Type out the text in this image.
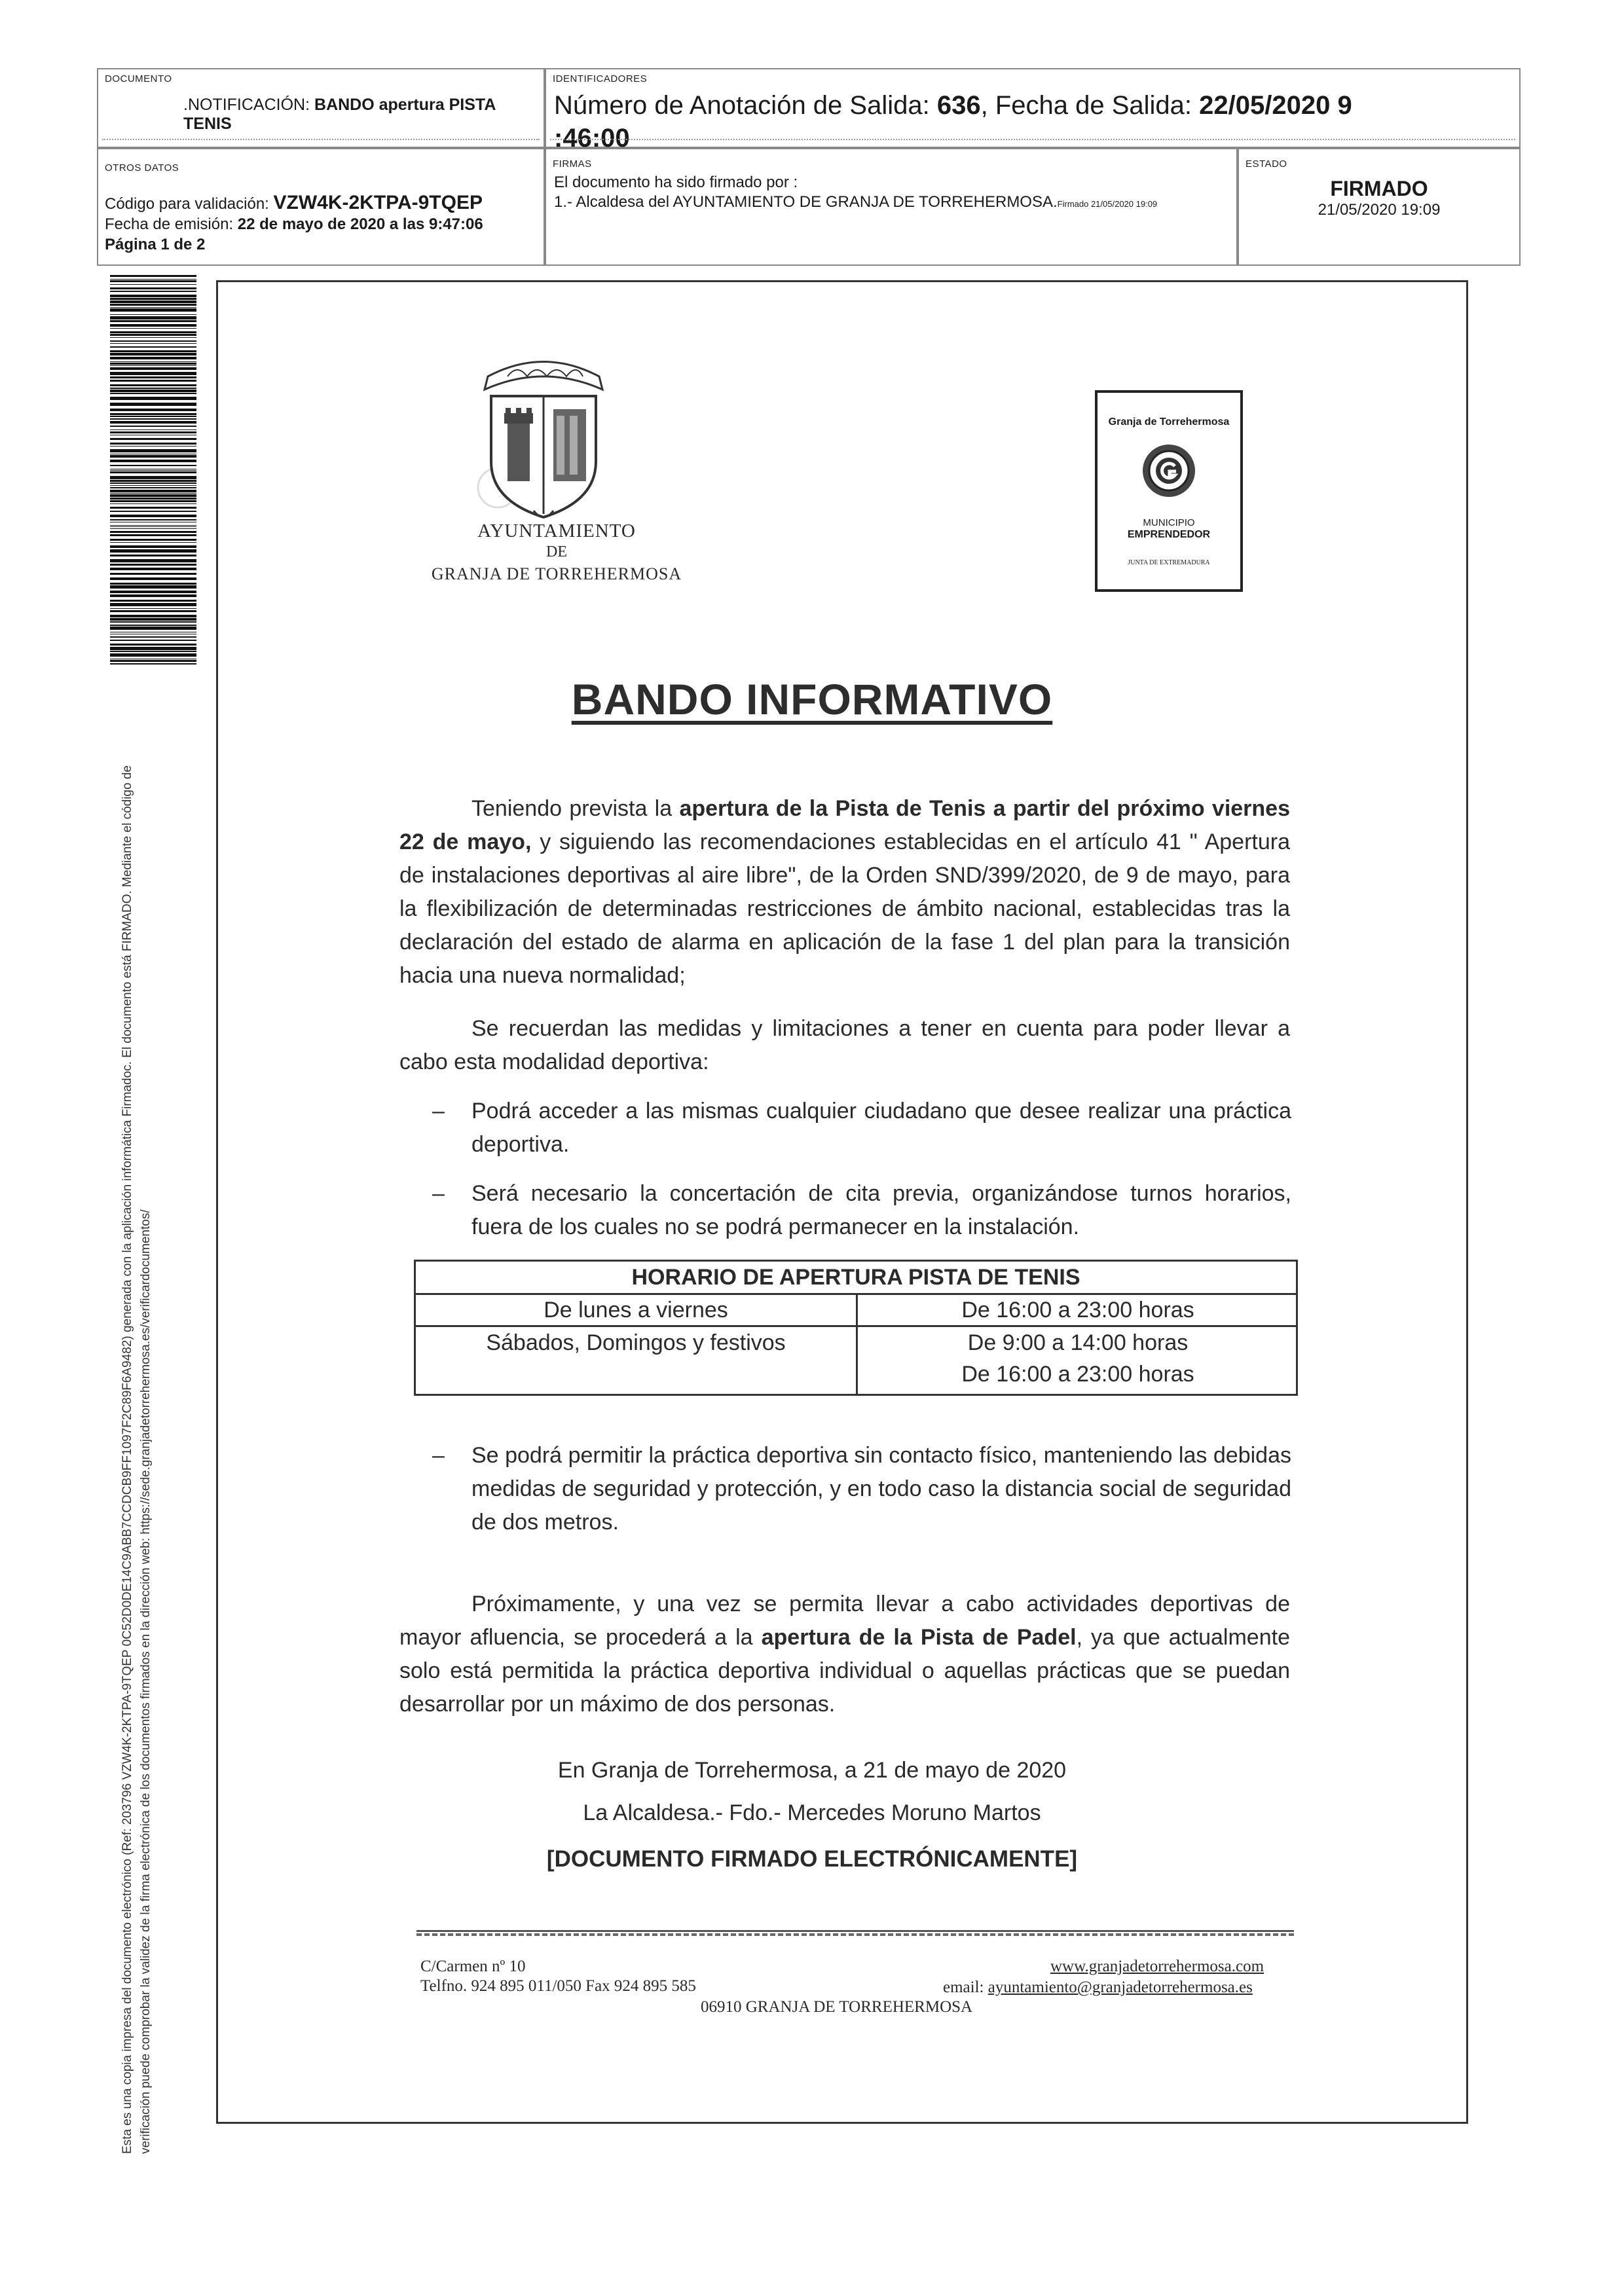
DOCUMENTO
.NOTIFICACIÓN: BANDO apertura PISTA TENIS
IDENTIFICADORES
Número de Anotación de Salida: 636, Fecha de Salida: 22/05/2020 9
:46:00
OTROS DATOS
Código para validación: VZW4K-2KTPA-9TQEP
Fecha de emisión: 22 de mayo de 2020 a las 9:47:06
Página 1 de 2
FIRMAS
El documento ha sido firmado por :
1.- Alcaldesa del AYUNTAMIENTO DE GRANJA DE TORREHERMOSA.Firmado 21/05/2020 19:09
ESTADO
FIRMADO
21/05/2020 19:09
Esta es una copia impresa del documento electrónico (Ref: 203796 VZW4K-2KTPA-9TQEP 0C52D0DE14C9ABB7CCDCB9FF1097F2C89F6A9482) generada con la aplicación informática Firmadoc. El documento está FIRMADO. Mediante el código de verificación puede comprobar la validez de la firma electrónica de los documentos firmados en la dirección web: https://sede.granjadetorrehermosa.es/verificardocumentos/
AYUNTAMIENTO
DE
GRANJA DE TORREHERMOSA
Granja de Torrehermosa
MUNICIPIO
EMPRENDEDOR
JUNTA DE EXTREMADURA
BANDO INFORMATIVO
Teniendo prevista la apertura de la Pista de Tenis a partir del próximo viernes 22 de mayo, y siguiendo las recomendaciones establecidas en el artículo 41 " Apertura de instalaciones deportivas al aire libre", de la Orden SND/399/2020, de 9 de mayo, para la flexibilización de determinadas restricciones de ámbito nacional, establecidas tras la declaración del estado de alarma en aplicación de la fase 1 del plan para la transición hacia una nueva normalidad;
Se recuerdan las medidas y limitaciones a tener en cuenta para poder llevar a cabo esta modalidad deportiva:
– Podrá acceder a las mismas cualquier ciudadano que desee realizar una práctica deportiva.
– Será necesario la concertación de cita previa, organizándose turnos horarios, fuera de los cuales no se podrá permanecer en la instalación.
HORARIO DE APERTURA PISTA DE TENIS
De lunes a viernes	De 16:00 a 23:00 horas
Sábados, Domingos y festivos	De 9:00 a 14:00 horas
De 16:00 a 23:00 horas
– Se podrá permitir la práctica deportiva sin contacto físico, manteniendo las debidas medidas de seguridad y protección, y en todo caso la distancia social de seguridad de dos metros.
Próximamente, y una vez se permita llevar a cabo actividades deportivas de mayor afluencia, se procederá a la apertura de la Pista de Padel, ya que actualmente solo está permitida la práctica deportiva individual o aquellas prácticas que se puedan desarrollar por un máximo de dos personas.
En Granja de Torrehermosa, a 21 de mayo de 2020
La Alcaldesa.- Fdo.- Mercedes Moruno Martos
[DOCUMENTO FIRMADO ELECTRÓNICAMENTE]
C/Carmen nº 10
Telfno. 924 895 011/050 Fax 924 895 585
www.granjadetorrehermosa.com
email: ayuntamiento@granjadetorrehermosa.es
06910 GRANJA DE TORREHERMOSA
